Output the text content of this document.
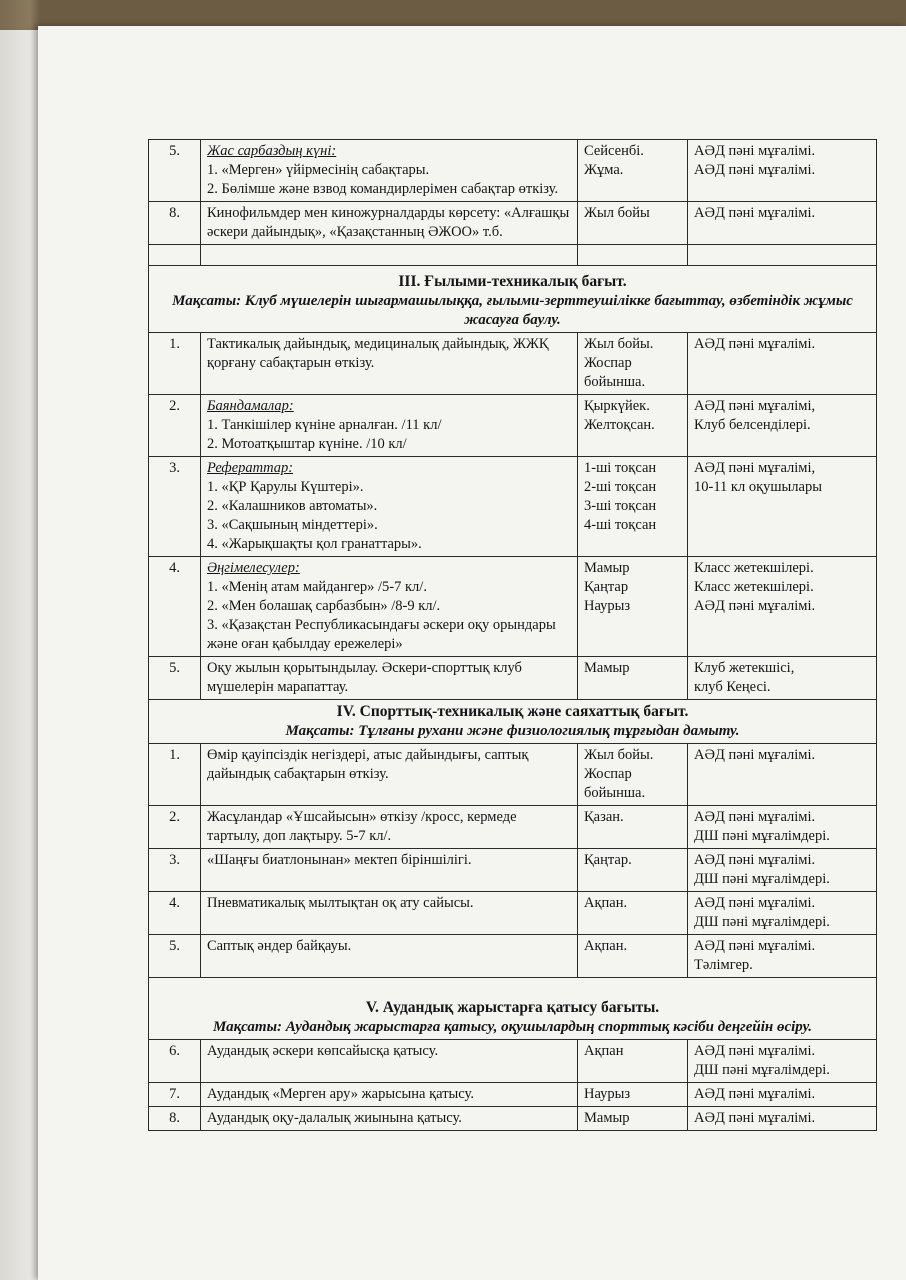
5.	Жас сарбаздың күні:
1. «Мерген» үйірмесінің сабақтары.
2. Бөлімше және взвод командирлерімен сабақтар өткізу.	Сейсенбі.
Жұма.	АӘД пәні мұғалімі.
АӘД пәні мұғалімі.

8.	Кинофильмдер мен киножурналдарды көрсету: «Алғашқы әскери дайындық», «Қазақстанның ӘЖОО» т.б.	Жыл бойы	АӘД пәні мұғалімі.

III. Ғылыми-техникалық бағыт.
Мақсаты: Клуб мүшелерін шығармашылыққа, ғылыми-зерттеушілікке бағыттау, өзбетіндік жұмыс жасауға баулу.			

1.	Тактикалық дайындық, медициналық дайындық, ЖЖҚ қорғану сабақтарын өткізу.	Жыл бойы.
Жоспар
бойынша.	АӘД пәні мұғалімі.

2.	Баяндамалар:
1. Танкішілер күніне арналған. /11 кл/
2. Мотоатқыштар күніне. /10 кл/	Қыркүйек.
Желтоқсан.	АӘД пәні мұғалімі,
Клуб белсенділері.

3.	Рефераттар:
1. «ҚР Қарулы Күштері».
2. «Калашников автоматы».
3. «Сақшының міндеттері».
4. «Жарықшақты қол гранаттары».	1-ші тоқсан
2-ші тоқсан
3-ші тоқсан
4-ші тоқсан	АӘД пәні мұғалімі,
10-11 кл оқушылары

4.	Әңгімелесулер:
1. «Менің атам майдангер» /5-7 кл/.
2. «Мен болашақ сарбазбын» /8-9 кл/.
3. «Қазақстан Республикасындағы әскери оқу орындары және оған қабылдау ережелері»	Мамыр
Қаңтар
Наурыз	Класс жетекшілері.
Класс жетекшілері.
АӘД пәні мұғалімі.

5.	Оқу жылын қорытындылау. Әскери-спорттық клуб мүшелерін марапаттау.	Мамыр	Клуб жетекшісі,
клуб Кеңесі.

IV. Спорттық-техникалық және саяхаттық бағыт.
Мақсаты: Тұлғаны рухани және физиологиялық тұрғыдан дамыту.			

1.	Өмір қауіпсіздік негіздері, атыс дайындығы, саптық дайындық сабақтарын өткізу.	Жыл бойы.
Жоспар
бойынша.	АӘД пәні мұғалімі.

2.	Жасұландар «Ұшсайысын» өткізу /кросс, кермеде тартылу, доп лақтыру. 5-7 кл/.	Қазан.	АӘД пәні мұғалімі.
ДШ пәні мұғалімдері.

3.	«Шаңғы биатлонынан» мектеп біріншілігі.	Қаңтар.	АӘД пәні мұғалімі.
ДШ пәні мұғалімдері.

4.	Пневматикалық мылтықтан оқ ату сайысы.	Ақпан.	АӘД пәні мұғалімі.
ДШ пәні мұғалімдері.

5.	Саптық әндер байқауы.	Ақпан.	АӘД пәні мұғалімі.
Тәлімгер.

V. Аудандық жарыстарға қатысу бағыты.
Мақсаты: Аудандық жарыстарға қатысу, оқушылардың спорттық кәсіби деңгейін өсіру.			

6.	Аудандық әскери көпсайысқа қатысу.	Ақпан	АӘД пәні мұғалімі.
ДШ пәні мұғалімдері.

7.	Аудандық «Мерген ару» жарысына қатысу.	Наурыз	АӘД пәні мұғалімі.

8.	Аудандық оқу-далалық жиынына қатысу.	Мамыр	АӘД пәні мұғалімі.
